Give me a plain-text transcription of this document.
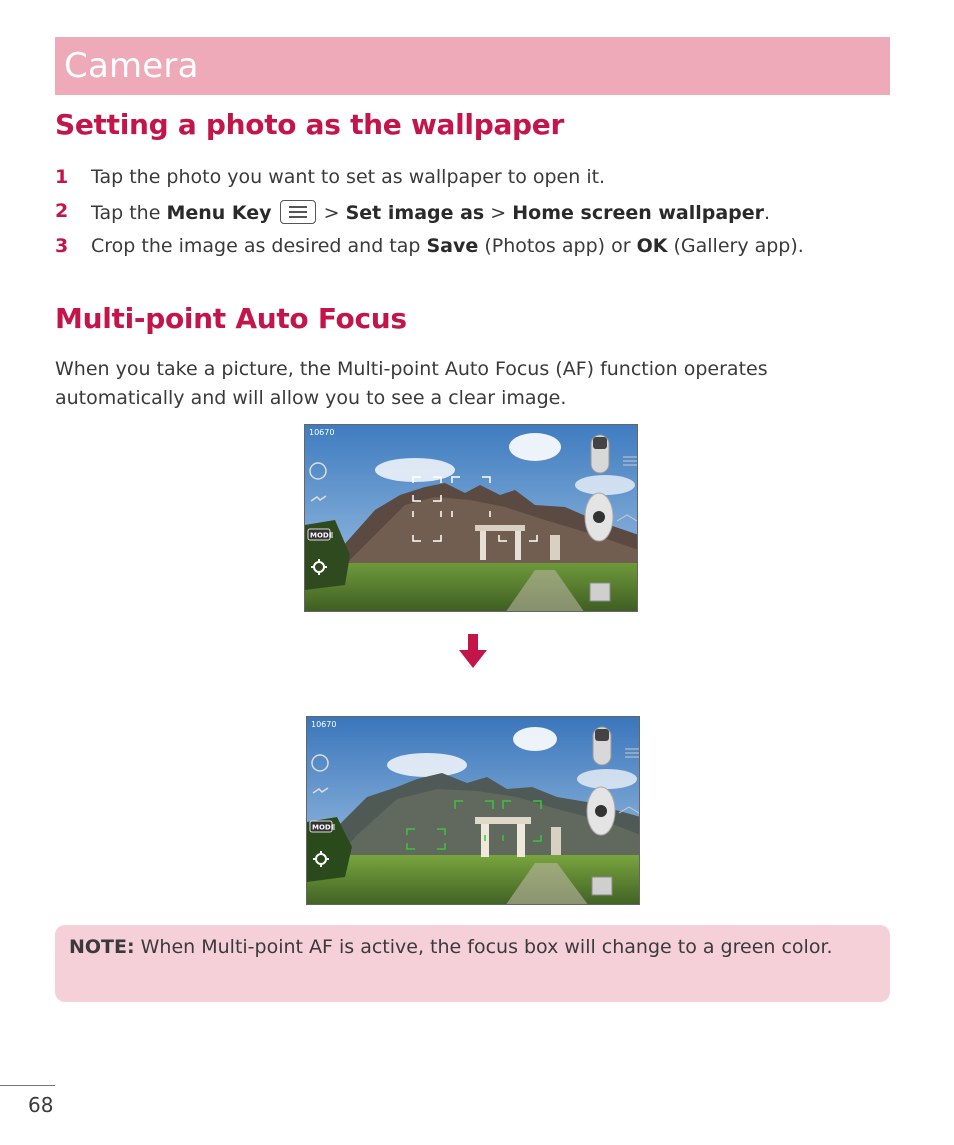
Camera
Setting a photo as the wallpaper
1 Tap the photo you want to set as wallpaper to open it.
2 Tap the Menu Key
> Set image as > Home screen wallpaper.
3 Crop the image as desired and tap Save (Photos app) or OK (Gallery app).
Multi-point Auto Focus
When you take a picture, the Multi-point Auto Focus (AF) function operates automatically and will allow you to see a clear image.
10670
MODE
10670
MODE
NOTE: When Multi-point AF is active, the focus box will change to a green color.
68
